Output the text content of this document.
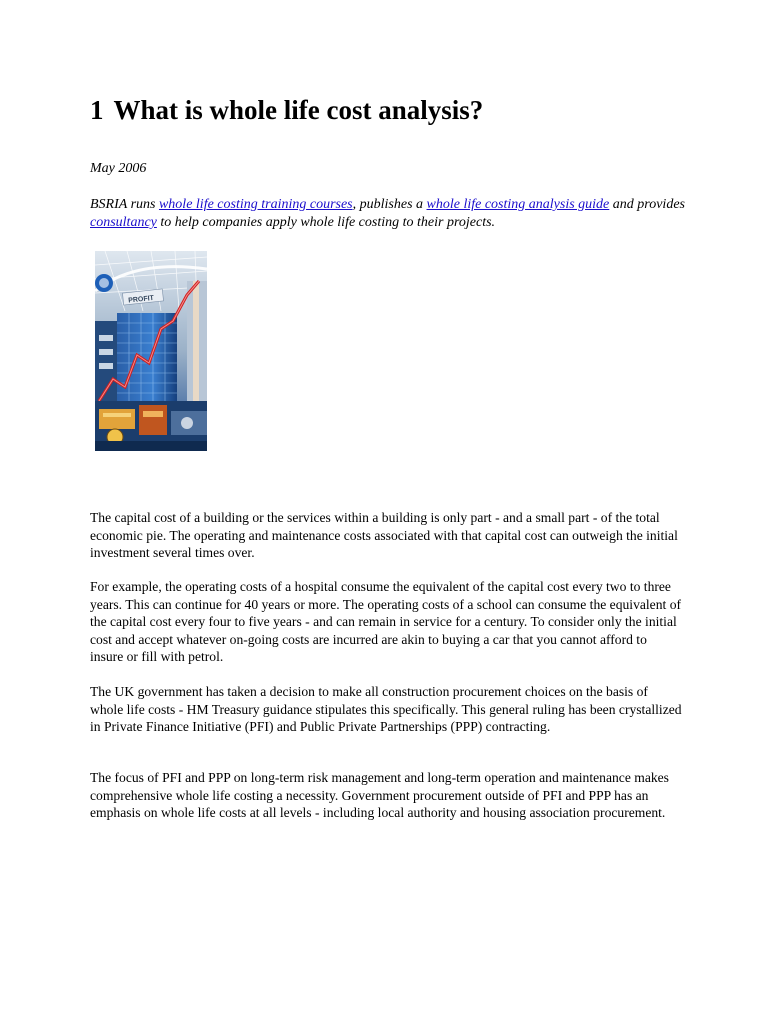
1 What is whole life cost analysis?

May 2006

BSRIA runs whole life costing training courses, publishes a whole life costing analysis guide and provides consultancy to help companies apply whole life costing to their projects.

PROFIT

The capital cost of a building or the services within a building is only part - and a small part - of the total economic pie. The operating and maintenance costs associated with that capital cost can outweigh the initial investment several times over.

For example, the operating costs of a hospital consume the equivalent of the capital cost every two to three years. This can continue for 40 years or more. The operating costs of a school can consume the equivalent of the capital cost every four to five years - and can remain in service for a century. To consider only the initial cost and accept whatever on-going costs are incurred are akin to buying a car that you cannot afford to insure or fill with petrol.

The UK government has taken a decision to make all construction procurement choices on the basis of whole life costs - HM Treasury guidance stipulates this specifically. This general ruling has been crystallized in Private Finance Initiative (PFI) and Public Private Partnerships (PPP) contracting.

The focus of PFI and PPP on long-term risk management and long-term operation and maintenance makes comprehensive whole life costing a necessity. Government procurement outside of PFI and PPP has an emphasis on whole life costs at all levels - including local authority and housing association procurement.
